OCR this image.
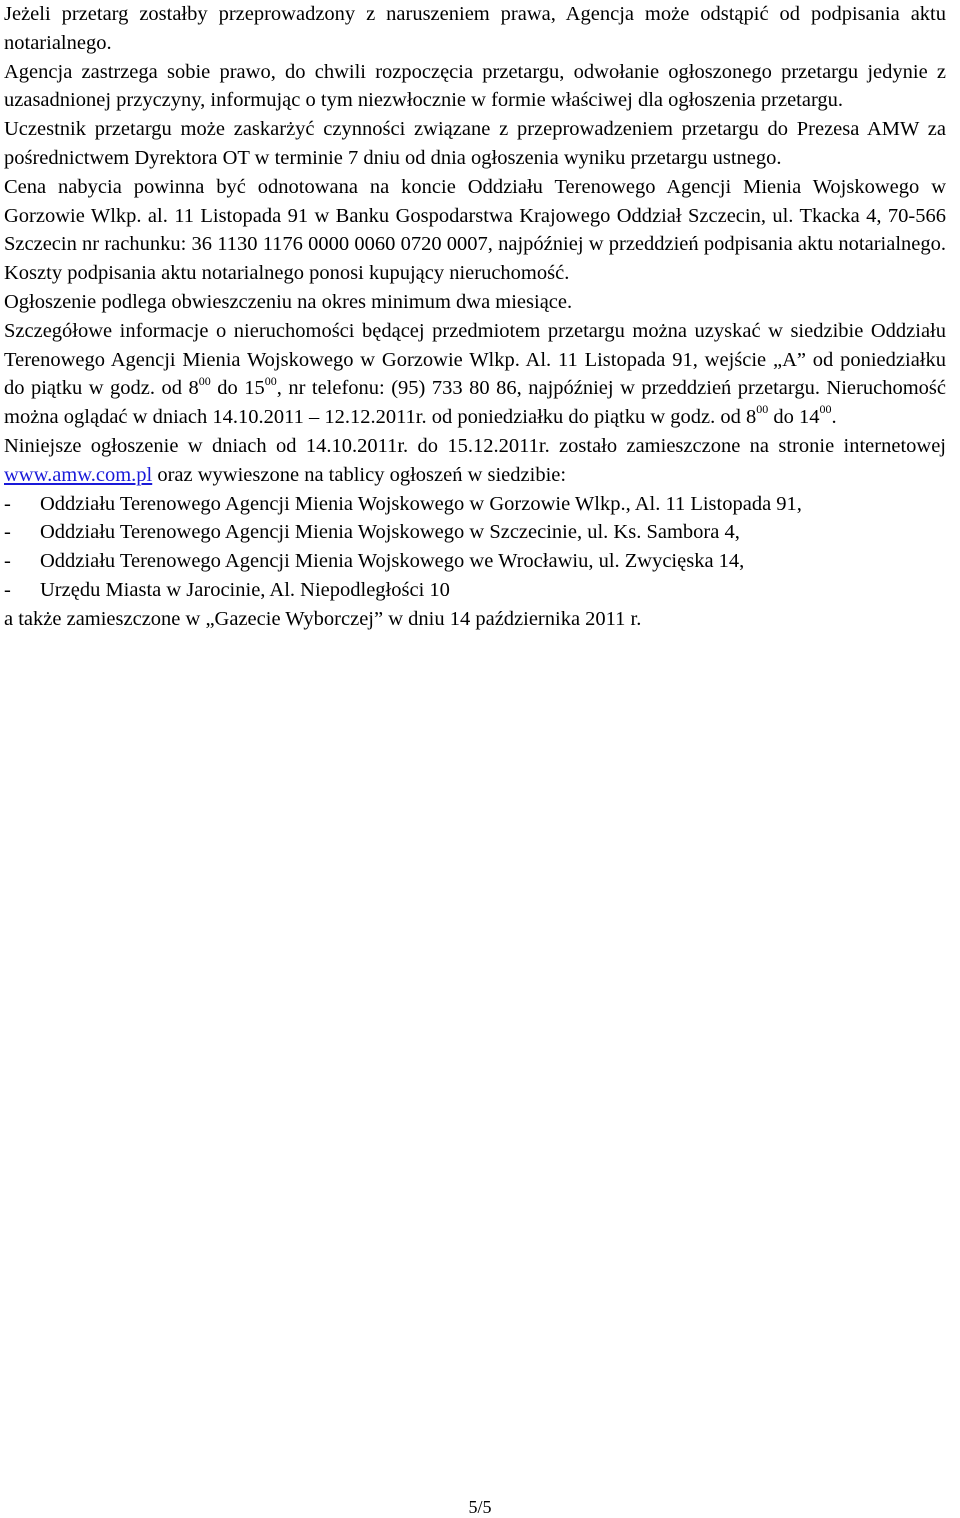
Jeżeli przetarg zostałby przeprowadzony z naruszeniem prawa, Agencja może odstąpić od podpisania aktu notarialnego.

Agencja zastrzega sobie prawo, do chwili rozpoczęcia przetargu, odwołanie ogłoszonego przetargu jedynie z uzasadnionej przyczyny, informując o tym niezwłocznie w formie właściwej dla ogłoszenia przetargu.

Uczestnik przetargu może zaskarżyć czynności związane z przeprowadzeniem przetargu do Prezesa AMW za pośrednictwem Dyrektora OT w terminie 7 dniu od dnia ogłoszenia wyniku przetargu ustnego.

Cena nabycia powinna być odnotowana na koncie Oddziału Terenowego Agencji Mienia Wojskowego w Gorzowie Wlkp. al. 11 Listopada 91 w Banku Gospodarstwa Krajowego Oddział Szczecin, ul. Tkacka 4, 70-566 Szczecin nr rachunku: 36 1130 1176 0000 0060 0720 0007, najpóźniej w przeddzień podpisania aktu notarialnego. Koszty podpisania aktu notarialnego ponosi kupujący nieruchomość.

Ogłoszenie podlega obwieszczeniu na okres minimum dwa miesiące.

Szczegółowe informacje o nieruchomości będącej przedmiotem przetargu można uzyskać w siedzibie Oddziału Terenowego Agencji Mienia Wojskowego w Gorzowie Wlkp. Al. 11 Listopada 91, wejście „A” od poniedziałku do piątku w godz. od $8^{00}$ do $15^{00}$, nr telefonu: (95) 733 80 86, najpóźniej w przeddzień przetargu. Nieruchomość można oglądać w dniach 14.10.2011 – 12.12.2011r. od poniedziałku do piątku w godz. od $8^{00}$ do $14^{00}$.

Niniejsze ogłoszenie w dniach od 14.10.2011r. do 15.12.2011r. zostało zamieszczone na stronie internetowej www.amw.com.pl oraz wywieszone na tablicy ogłoszeń w siedzibie:

- Oddziału Terenowego Agencji Mienia Wojskowego w Gorzowie Wlkp., Al. 11 Listopada 91,
- Oddziału Terenowego Agencji Mienia Wojskowego w Szczecinie, ul. Ks. Sambora 4,
- Oddziału Terenowego Agencji Mienia Wojskowego we Wrocławiu, ul. Zwycięska 14,
- Urzędu Miasta w Jarocinie, Al. Niepodległości 10

a także zamieszczone w „Gazecie Wyborczej” w dniu 14 października 2011 r.

5/5
